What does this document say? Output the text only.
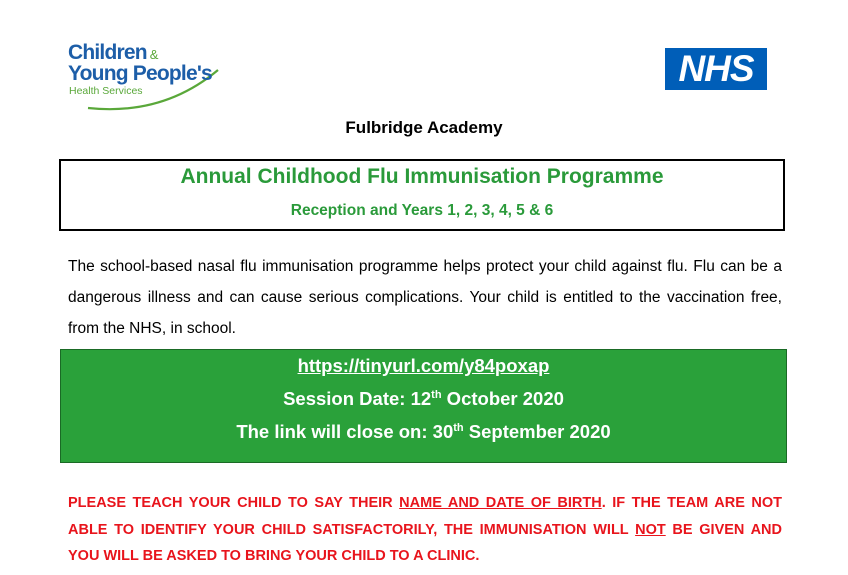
Children &
Young People's
Health Services
NHS
Fulbridge Academy
Annual Childhood Flu Immunisation Programme
Reception and Years 1, 2, 3, 4, 5 & 6
The school-based nasal flu immunisation programme helps protect your child against flu. Flu can be a dangerous illness and can cause serious complications. Your child is entitled to the vaccination free, from the NHS, in school.
https://tinyurl.com/y84poxap
Session Date: 12th October 2020
The link will close on: 30th September 2020
PLEASE TEACH YOUR CHILD TO SAY THEIR NAME AND DATE OF BIRTH. IF THE TEAM ARE NOT ABLE TO IDENTIFY YOUR CHILD SATISFACTORILY, THE IMMUNISATION WILL NOT BE GIVEN AND YOU WILL BE ASKED TO BRING YOUR CHILD TO A CLINIC.
